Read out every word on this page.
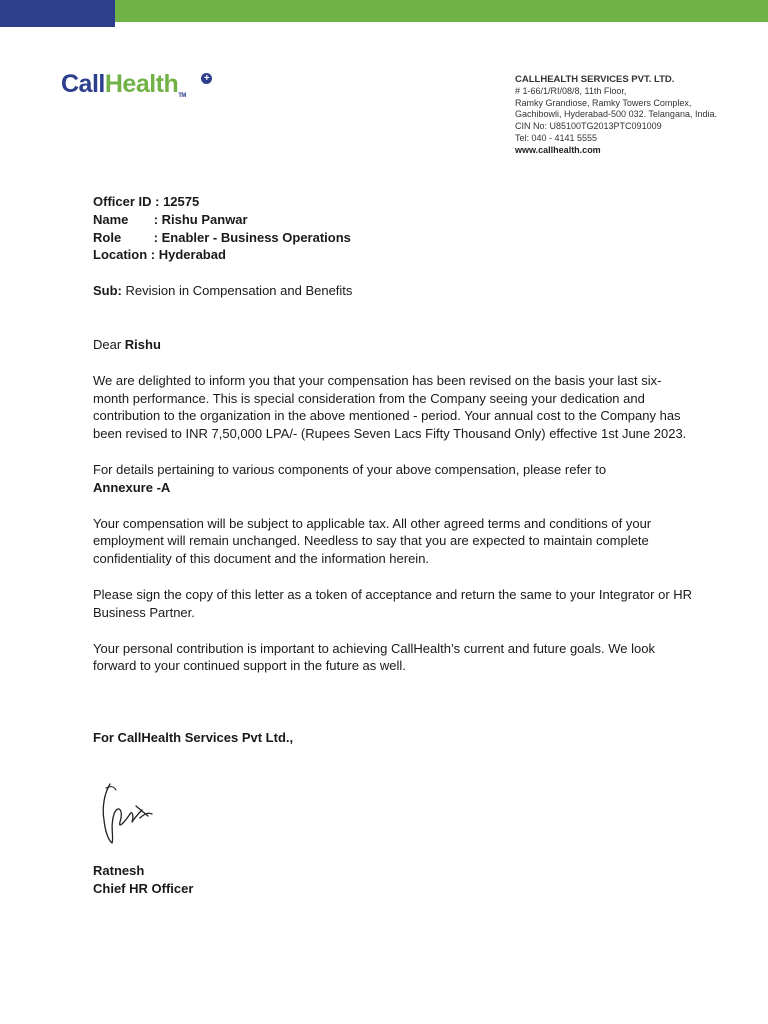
CallHealthTM
+	CALLHEALTH SERVICES PVT. LTD.
# 1-66/1/RI/08/8, 11th Floor,
Ramky Grandiose, Ramky Towers Complex,
Gachibowli, Hyderabad-500 032. Telangana, India.
CIN No: U85100TG2013PTC091009
Tel: 040 - 4141 5555
www.callhealth.com
Officer ID : 12575
Name       : Rishu Panwar
Role         : Enabler - Business Operations
Location : Hyderabad

Sub: Revision in Compensation and Benefits

Dear Rishu

We are delighted to inform you that your compensation has been revised on the basis your last six-month performance. This is special consideration from the Company seeing your dedication and contribution to the organization in the above mentioned - period. Your annual cost to the Company has been revised to INR 7,50,000 LPA/- (Rupees Seven Lacs Fifty Thousand Only) effective 1st June 2023.

For details pertaining to various components of your above compensation, please refer to
Annexure -A

Your compensation will be subject to applicable tax. All other agreed terms and conditions of your employment will remain unchanged. Needless to say that you are expected to maintain complete confidentiality of this document and the information herein.

Please sign the copy of this letter as a token of acceptance and return the same to your Integrator or HR Business Partner.

Your personal contribution is important to achieving CallHealth’s current and future goals. We look forward to your continued support in the future as well.

For CallHealth Services Pvt Ltd.,

Ratnesh
Chief HR Officer
